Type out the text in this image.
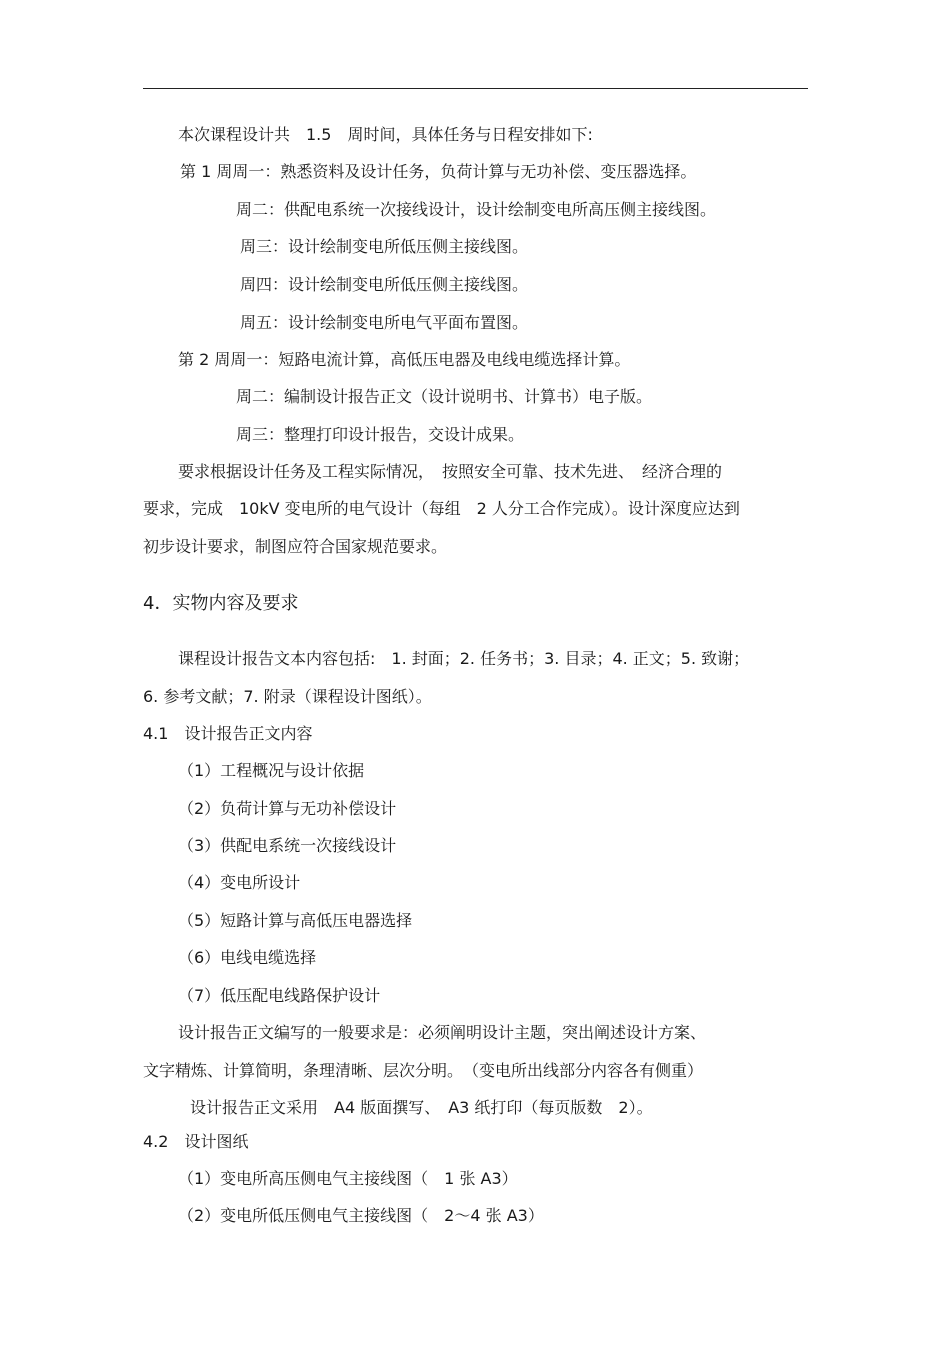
本次课程设计共　1.5　周时间，具体任务与日程安排如下:
第 1 周周一：熟悉资料及设计任务，负荷计算与无功补偿、变压器选择。
周二：供配电系统一次接线设计，设计绘制变电所高压侧主接线图。
周三：设计绘制变电所低压侧主接线图。
周四：设计绘制变电所低压侧主接线图。
周五：设计绘制变电所电气平面布置图。
第 2 周周一：短路电流计算，高低压电器及电线电缆选择计算。
周二：编制设计报告正文（设计说明书、计算书）电子版。
周三：整理打印设计报告，交设计成果。
要求根据设计任务及工程实际情况，　按照安全可靠、技术先进、　经济合理的
要求，完成　10kV 变电所的电气设计（每组　2 人分工合作完成）。设计深度应达到
初步设计要求，制图应符合国家规范要求。
4．实物内容及要求
课程设计报告文本内容包括:　1. 封面；2. 任务书；3. 目录；4. 正文；5. 致谢；
6. 参考文献；7. 附录（课程设计图纸）。
4.1　设计报告正文内容
（1）工程概况与设计依据
（2）负荷计算与无功补偿设计
（3）供配电系统一次接线设计
（4）变电所设计
（5）短路计算与高低压电器选择
（6）电线电缆选择
（7）低压配电线路保护设计
设计报告正文编写的一般要求是：必须阐明设计主题，突出阐述设计方案、
文字精炼、计算简明，条理清晰、层次分明。　（变电所出线部分内容各有侧重）
设计报告正文采用　A4 版面撰写、　A3 纸打印（每页版数　2）。
4.2　设计图纸
（1）变电所高压侧电气主接线图（　1 张 A3）
（2）变电所低压侧电气主接线图（　2～4 张 A3）
